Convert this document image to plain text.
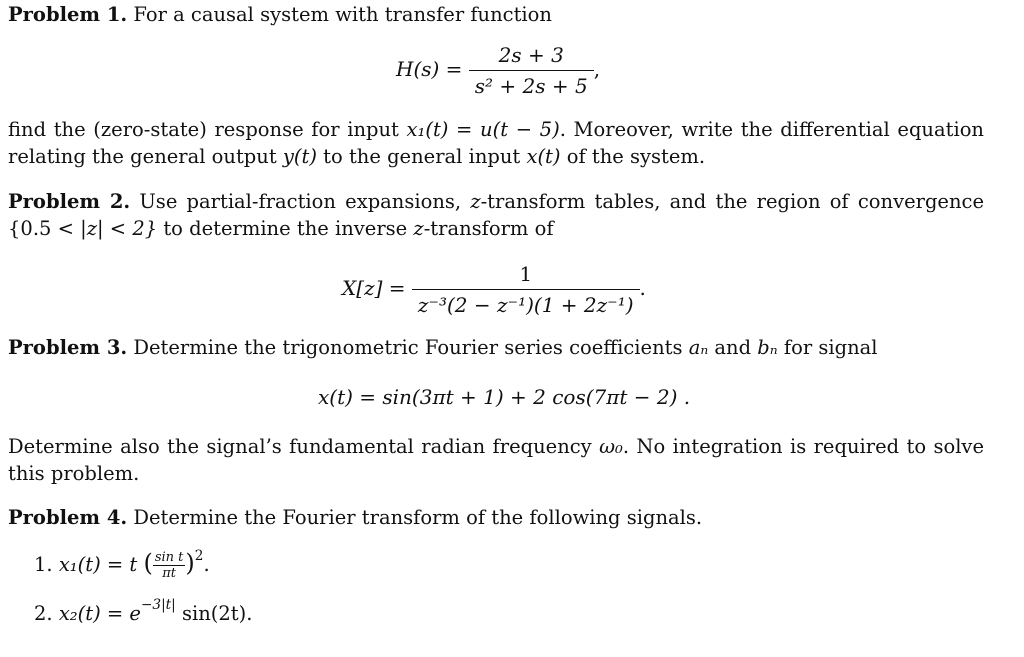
Problem 1. For a causal system with transfer function
$H(s) = \frac{2s + 3}{\text{s² + 2s + 5}}$ ,
find the (zero-state) response for input x₁(t) = u(t − 5). Moreover, write the differential equation relating the general output y(t) to the general input x(t) of the system.
Problem 2. Use partial-fraction expansions, z-transform tables, and the region of convergence {0.5 < |z| < 2} to determine the inverse z-transform of
$X[z] = \frac{1}{\text{z⁻³(2 − z⁻¹)(1 + 2z⁻¹)}}$ .
Problem 3. Determine the trigonometric Fourier series coefficients aₙ and bₙ for signal
x(t) = sin(3πt + 1) + 2 cos(7πt − 2) .
Determine also the signal’s fundamental radian frequency ω₀. No integration is required to solve this problem.
Problem 4. Determine the Fourier transform of the following signals.
1. x₁(t) = t ( $\frac{\text{sin t}}{\pi t} )^2$.
2. $x_2(t) = e^{-3|t|}$ sin(2t).
